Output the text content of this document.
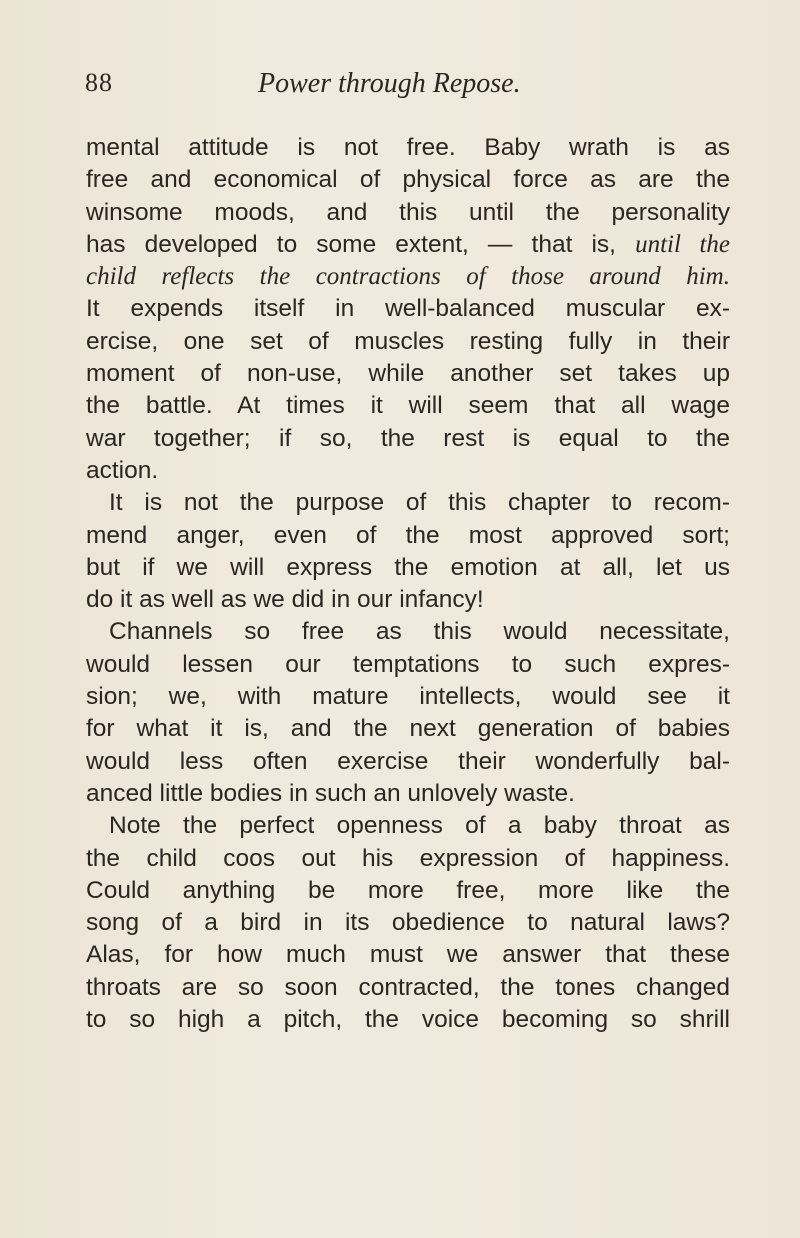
88	Power through Repose.
mental attitude is not free. Baby wrath is as
free and economical of physical force as are the
winsome moods, and this until the personality
has developed to some extent, — that is, until the
child reflects the contractions of those around him.
It expends itself in well-balanced muscular ex-
ercise, one set of muscles resting fully in their
moment of non-use, while another set takes up
the battle. At times it will seem that all wage
war together; if so, the rest is equal to the
action.
It is not the purpose of this chapter to recom-
mend anger, even of the most approved sort;
but if we will express the emotion at all, let us
do it as well as we did in our infancy!
Channels so free as this would necessitate,
would lessen our temptations to such expres-
sion; we, with mature intellects, would see it
for what it is, and the next generation of babies
would less often exercise their wonderfully bal-
anced little bodies in such an unlovely waste.
Note the perfect openness of a baby throat as
the child coos out his expression of happiness.
Could anything be more free, more like the
song of a bird in its obedience to natural laws?
Alas, for how much must we answer that these
throats are so soon contracted, the tones changed
to so high a pitch, the voice becoming so shrill
